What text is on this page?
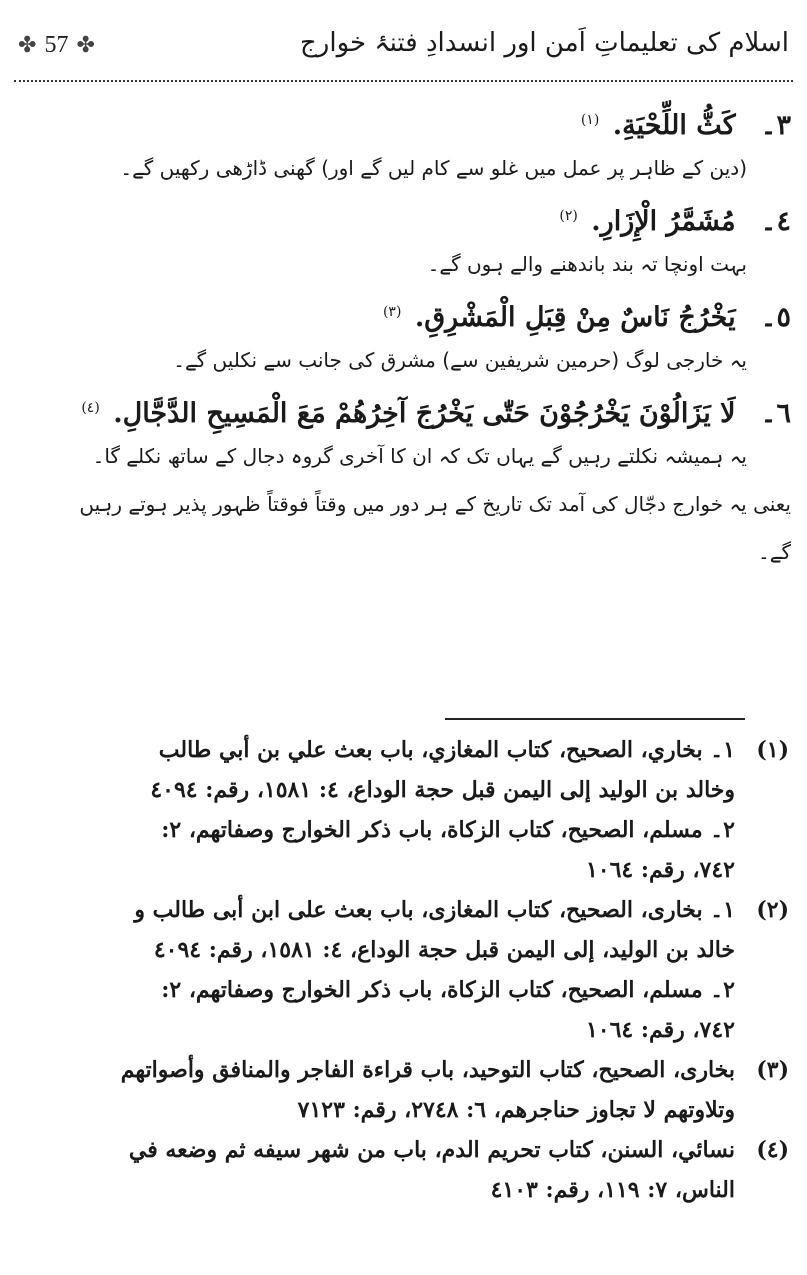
✤ 57 ✤	اسلام کی تعلیماتِ اَمن اور انسدادِ فتنۂ خوارج
٣۔ كَثُّ اللِّحْيَةِ. $^{(١)}$
(دین کے ظاہر پر عمل میں غلو سے کام لیں گے اور) گھنی ڈاڑھی رکھیں گے۔
٤۔ مُشَمَّرُ الْإِزَارِ. $^{(٢)}$
بہت اونچا تہ بند باندھنے والے ہوں گے۔
٥۔ يَخْرُجُ نَاسٌ مِنْ قِبَلِ الْمَشْرِقِ. $^{(٣)}$
یہ خارجی لوگ (حرمین شریفین سے) مشرق کی جانب سے نکلیں گے۔
٦۔ لَا يَزَالُوْنَ يَخْرُجُوْنَ حَتّٰى يَخْرُجَ آخِرُهُمْ مَعَ الْمَسِيحِ الدَّجَّالِ. $^{(٤)}$
یہ ہمیشہ نکلتے رہیں گے یہاں تک کہ ان کا آخری گروہ دجال کے ساتھ نکلے گا۔
یعنی یہ خوارج دجّال کی آمد تک تاریخ کے ہر دور میں وقتاً فوقتاً ظہور پذیر ہوتے رہیں
گے۔
(١)١۔ بخاري، الصحيح، كتاب المغازي، باب بعث علي بن أبي طالب
وخالد بن الوليد إلى اليمن قبل حجة الوداع، ٤: ١٥٨١، رقم: ٤٠٩٤
٢۔ مسلم، الصحيح، كتاب الزكاة، باب ذكر الخوارج وصفاتهم، ٢:
٧٤٢، رقم: ١٠٦٤
(٢)١۔ بخاری، الصحیح، کتاب المغازی، باب بعث علی ابن أبی طالب و
خالد بن الولید، إلی الیمن قبل حجة الوداع، ٤: ١٥٨١، رقم: ٤٠٩٤
٢۔ مسلم، الصحیح، کتاب الزکاة، باب ذکر الخوارج وصفاتهم، ٢:
٧٤٢، رقم: ١٠٦٤
(٣)بخاری، الصحیح، کتاب التوحید، باب قراءة الفاجر والمنافق وأصواتهم
وتلاوتهم لا تجاوز حناجرهم، ٦: ٢٧٤٨، رقم: ٧١٢٣
(٤)نسائي، السنن، كتاب تحريم الدم، باب من شهر سيفه ثم وضعه في
الناس، ٧: ١١٩، رقم: ٤١٠٣
